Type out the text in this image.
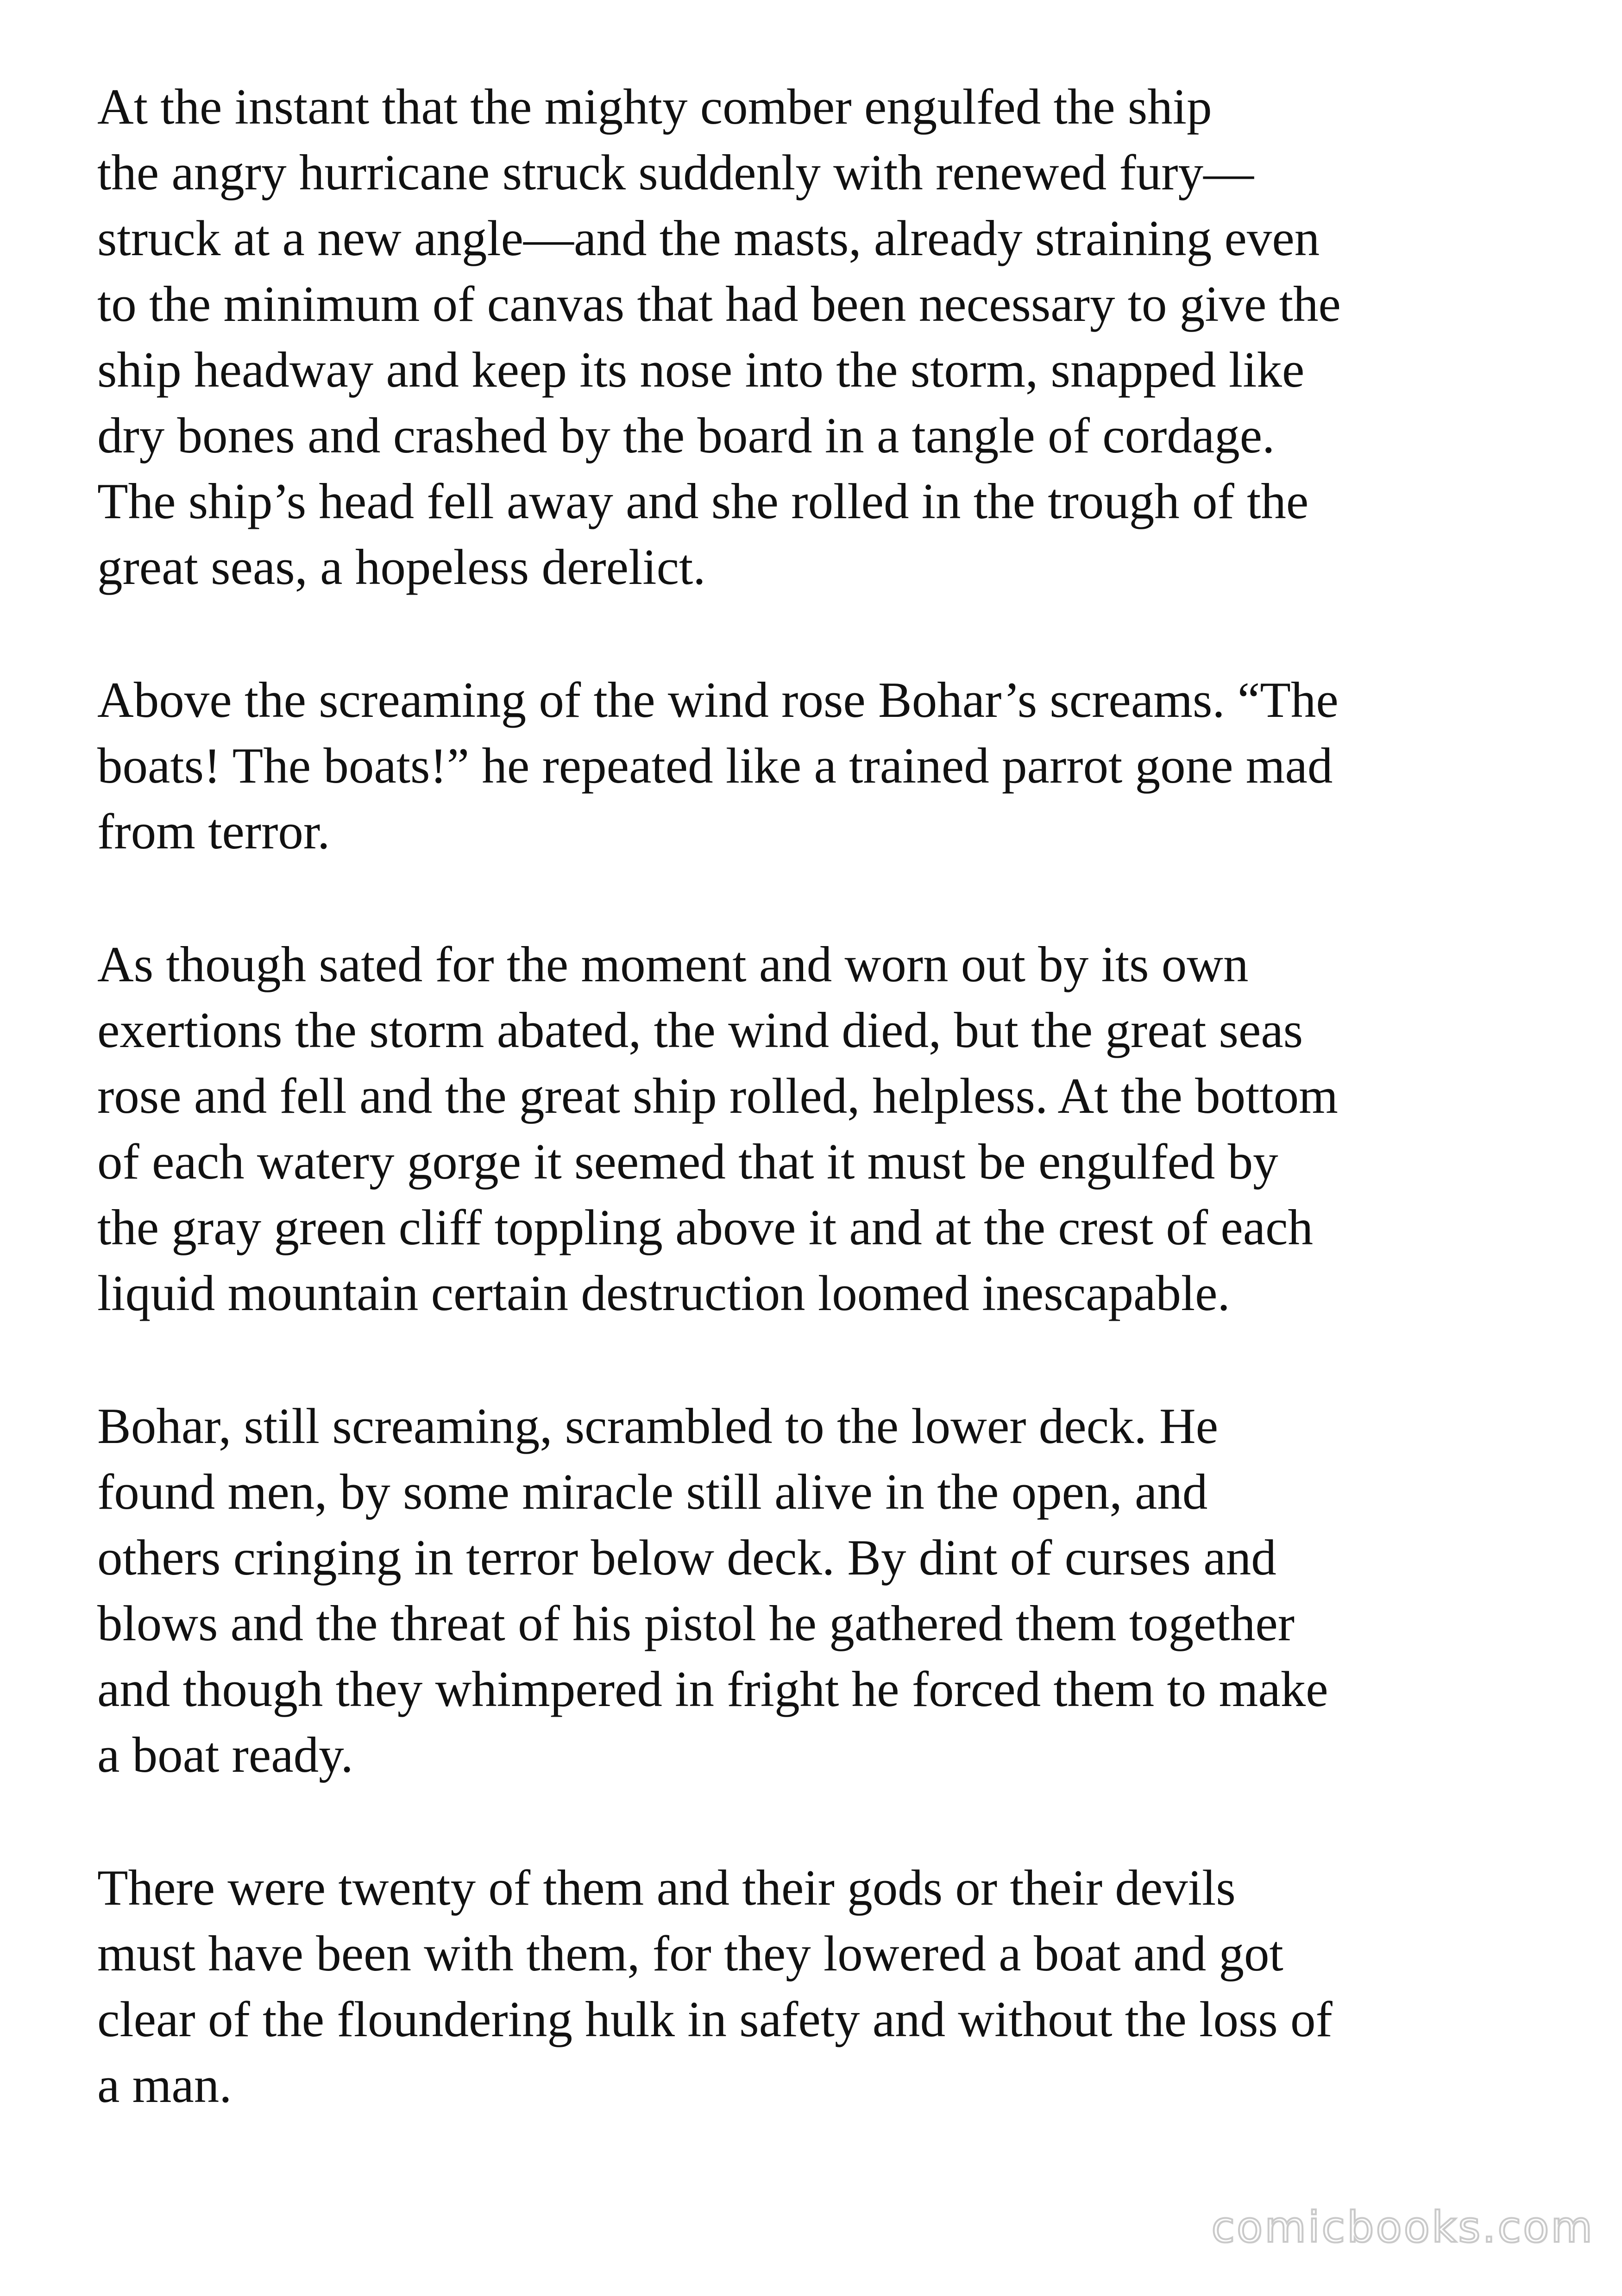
At the instant that the mighty comber engulfed the ship
the angry hurricane struck suddenly with renewed fury—
struck at a new angle—and the masts, already straining even
to the minimum of canvas that had been necessary to give the
ship headway and keep its nose into the storm, snapped like
dry bones and crashed by the board in a tangle of cordage.
The ship’s head fell away and she rolled in the trough of the
great seas, a hopeless derelict.

Above the screaming of the wind rose Bohar’s screams. “The
boats! The boats!” he repeated like a trained parrot gone mad
from terror.

As though sated for the moment and worn out by its own
exertions the storm abated, the wind died, but the great seas
rose and fell and the great ship rolled, helpless. At the bottom
of each watery gorge it seemed that it must be engulfed by
the gray green cliff toppling above it and at the crest of each
liquid mountain certain destruction loomed inescapable.

Bohar, still screaming, scrambled to the lower deck. He
found men, by some miracle still alive in the open, and
others cringing in terror below deck. By dint of curses and
blows and the threat of his pistol he gathered them together
and though they whimpered in fright he forced them to make
a boat ready.

There were twenty of them and their gods or their devils
must have been with them, for they lowered a boat and got
clear of the floundering hulk in safety and without the loss of
a man.

comicbooks.com
